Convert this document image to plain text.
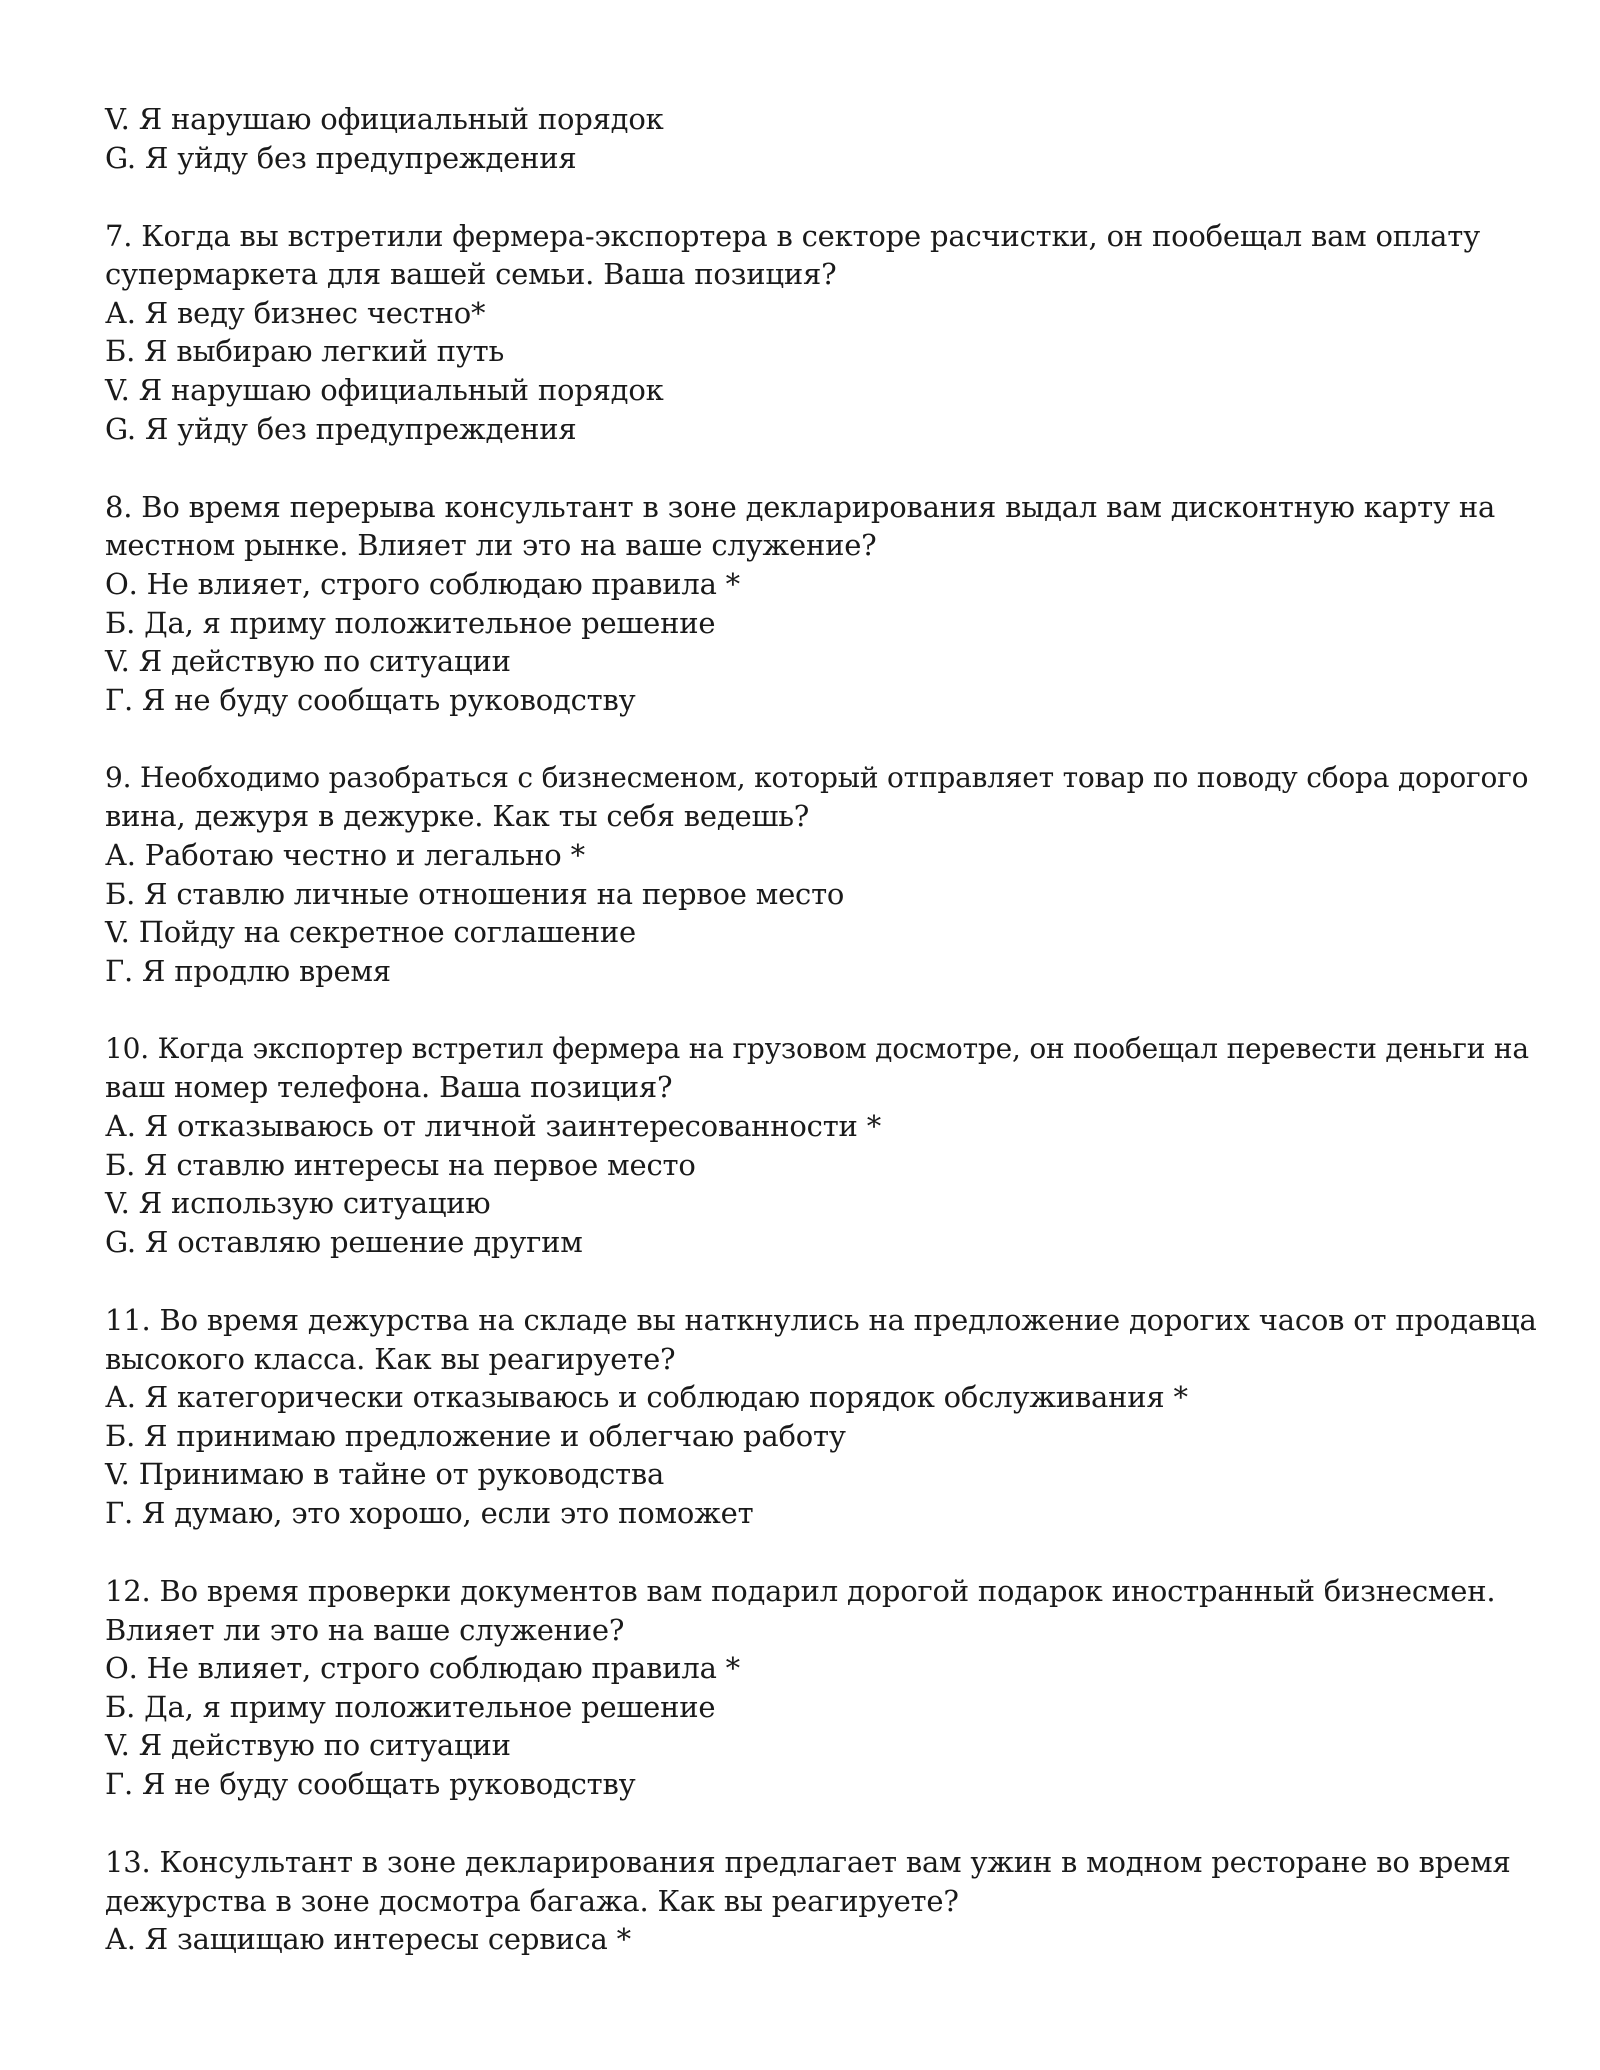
V. Я нарушаю официальный порядок
G. Я уйду без предупреждения
7. Когда вы встретили фермера-экспортера в секторе расчистки, он пообещал вам оплату
супермаркета для вашей семьи. Ваша позиция?
А. Я веду бизнес честно*
Б. Я выбираю легкий путь
V. Я нарушаю официальный порядок
G. Я уйду без предупреждения
8. Во время перерыва консультант в зоне декларирования выдал вам дисконтную карту на
местном рынке. Влияет ли это на ваше служение?
О. Не влияет, строго соблюдаю правила *
Б. Да, я приму положительное решение
V. Я действую по ситуации
Г. Я не буду сообщать руководству
9. Необходимо разобраться с бизнесменом, который отправляет товар по поводу сбора дорогого
вина, дежуря в дежурке. Как ты себя ведешь?
А. Работаю честно и легально *
Б. Я ставлю личные отношения на первое место
V. Пойду на секретное соглашение
Г. Я продлю время
10. Когда экспортер встретил фермера на грузовом досмотре, он пообещал перевести деньги на
ваш номер телефона. Ваша позиция?
А. Я отказываюсь от личной заинтересованности *
Б. Я ставлю интересы на первое место
V. Я использую ситуацию
G. Я оставляю решение другим
11. Во время дежурства на складе вы наткнулись на предложение дорогих часов от продавца
высокого класса. Как вы реагируете?
А. Я категорически отказываюсь и соблюдаю порядок обслуживания *
Б. Я принимаю предложение и облегчаю работу
V. Принимаю в тайне от руководства
Г. Я думаю, это хорошо, если это поможет
12. Во время проверки документов вам подарил дорогой подарок иностранный бизнесмен.
Влияет ли это на ваше служение?
О. Не влияет, строго соблюдаю правила *
Б. Да, я приму положительное решение
V. Я действую по ситуации
Г. Я не буду сообщать руководству
13. Консультант в зоне декларирования предлагает вам ужин в модном ресторане во время
дежурства в зоне досмотра багажа. Как вы реагируете?
А. Я защищаю интересы сервиса *
